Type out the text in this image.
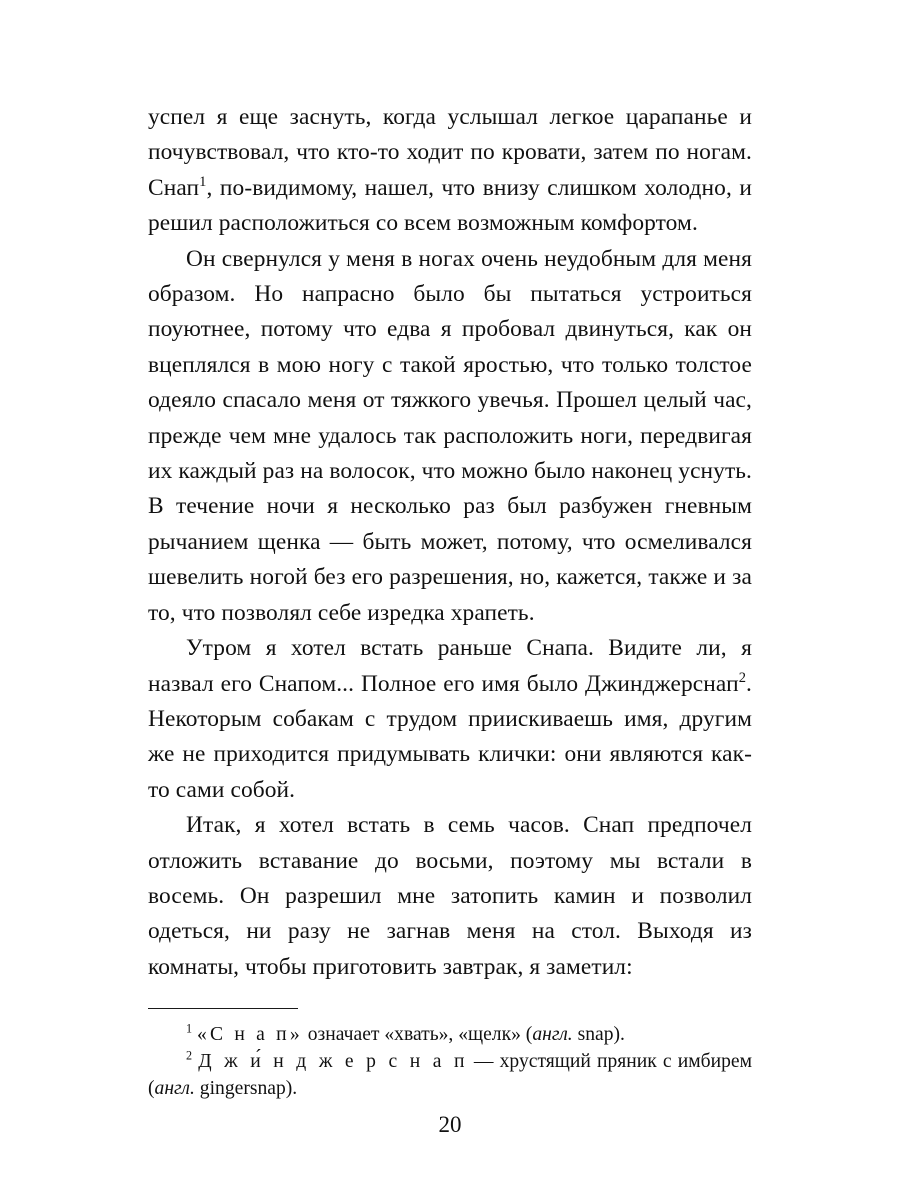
успел я еще заснуть, когда услышал легкое царапанье и почувствовал, что кто-то ходит по кровати, затем по ногам. Снап$^1$, по-видимому, нашел, что внизу слишком холодно, и решил расположиться со всем возможным комфортом.

Он свернулся у меня в ногах очень неудобным для меня образом. Но напрасно было бы пытаться устроиться поуютнее, потому что едва я пробовал двинуться, как он вцеплялся в мою ногу с такой яростью, что только толстое одеяло спасало меня от тяжкого увечья. Прошел целый час, прежде чем мне удалось так расположить ноги, передвигая их каждый раз на волосок, что можно было наконец уснуть. В течение ночи я несколько раз был разбужен гневным рычанием щенка — быть может, потому, что осмеливался шевелить ногой без его разрешения, но, кажется, также и за то, что позволял себе изредка храпеть.

Утром я хотел встать раньше Снапа. Видите ли, я назвал его Снапом... Полное его имя было Джинджерснап$^2$. Некоторым собакам с трудом приискиваешь имя, другим же не приходится придумывать клички: они являются как-то сами собой.

Итак, я хотел встать в семь часов. Снап предпочел отложить вставание до восьми, поэтому мы встали в восемь. Он разрешил мне затопить камин и позволил одеться, ни разу не загнав меня на стол. Выходя из комнаты, чтобы приготовить завтрак, я заметил:

$^1$ «С н а п» означает «хвать», «щелк» (англ. snap).

$^2$ Д ж и́ н д ж е р с н а п — хрустящий пряник с имбирем (англ. gingersnap).

20
